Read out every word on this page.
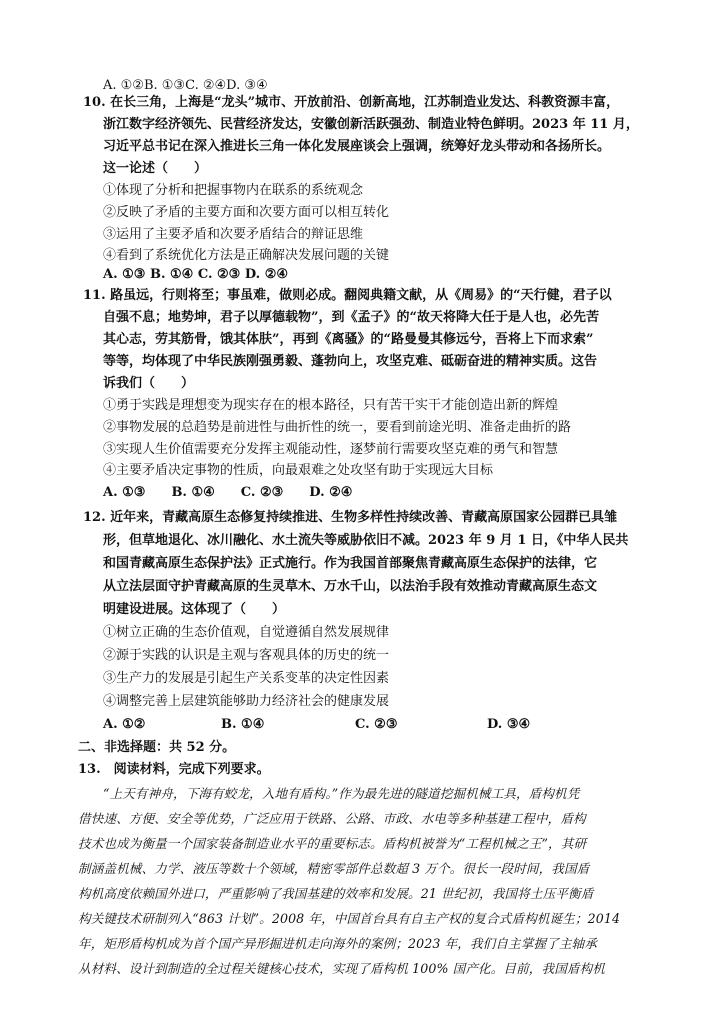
A. ①②B. ①③C. ②④D. ③④
10. 在长三角，上海是“龙头”城市、开放前沿、创新高地，江苏制造业发达、科教资源丰富，
浙江数字经济领先、民营经济发达，安徽创新活跃强劲、制造业特色鲜明。2023 年 11 月，
习近平总书记在深入推进长三角一体化发展座谈会上强调，统筹好龙头带动和各扬所长。
这一论述（　　）
①体现了分析和把握事物内在联系的系统观念
②反映了矛盾的主要方面和次要方面可以相互转化
③运用了主要矛盾和次要矛盾结合的辩证思维
④看到了系统优化方法是正确解决发展问题的关键
A. ①③ B. ①④ C. ②③ D. ②④
11. 路虽远，行则将至；事虽难，做则必成。翻阅典籍文献，从《周易》的“天行健，君子以
自强不息；地势坤，君子以厚德载物”，到《孟子》的“故天将降大任于是人也，必先苦
其心志，劳其筋骨，饿其体肤”，再到《离骚》的“路曼曼其修远兮，吾将上下而求索”
等等，均体现了中华民族刚强勇毅、蓬勃向上，攻坚克难、砥砺奋进的精神实质。这告
诉我们（　　）
①勇于实践是理想变为现实存在的根本路径，只有苦干实干才能创造出新的辉煌
②事物发展的总趋势是前进性与曲折性的统一，要看到前途光明、准备走曲折的路
③实现人生价值需要充分发挥主观能动性，逐梦前行需要攻坚克难的勇气和智慧
④主要矛盾决定事物的性质，向最艰难之处攻坚有助于实现远大目标
A. ①③　　B. ①④　　C. ②③　　D. ②④
12. 近年来，青藏高原生态修复持续推进、生物多样性持续改善、青藏高原国家公园群已具雏
形，但草地退化、冰川融化、水土流失等威胁依旧不减。2023 年 9 月 1 日，《中华人民共
和国青藏高原生态保护法》正式施行。作为我国首部聚焦青藏高原生态保护的法律，它
从立法层面守护青藏高原的生灵草木、万水千山，以法治手段有效推动青藏高原生态文
明建设进展。这体现了（　　）
①树立正确的生态价值观，自觉遵循自然发展规律
②源于实践的认识是主观与客观具体的历史的统一
③生产力的发展是引起生产关系变革的决定性因素
④调整完善上层建筑能够助力经济社会的健康发展
A. ①②	B. ①④	C. ②③	D. ③④
二、非选择题：共 52 分。
13.　阅读材料，完成下列要求。
“上天有神舟，下海有蛟龙，入地有盾构。”作为最先进的隧道挖掘机械工具，盾构机凭
借快速、方便、安全等优势，广泛应用于铁路、公路、市政、水电等多种基建工程中，盾构
技术也成为衡量一个国家装备制造业水平的重要标志。盾构机被誉为“工程机械之王”，其研
制涵盖机械、力学、液压等数十个领域，精密零部件总数超 3 万个。很长一段时间，我国盾
构机高度依赖国外进口，严重影响了我国基建的效率和发展。21 世纪初，我国将土压平衡盾
构关键技术研制列入“863 计划”。2008 年，中国首台具有自主产权的复合式盾构机诞生；2014
年，矩形盾构机成为首个国产异形掘进机走向海外的案例；2023 年，我们自主掌握了主轴承
从材料、设计到制造的全过程关键核心技术，实现了盾构机 100% 国产化。目前，我国盾构机
